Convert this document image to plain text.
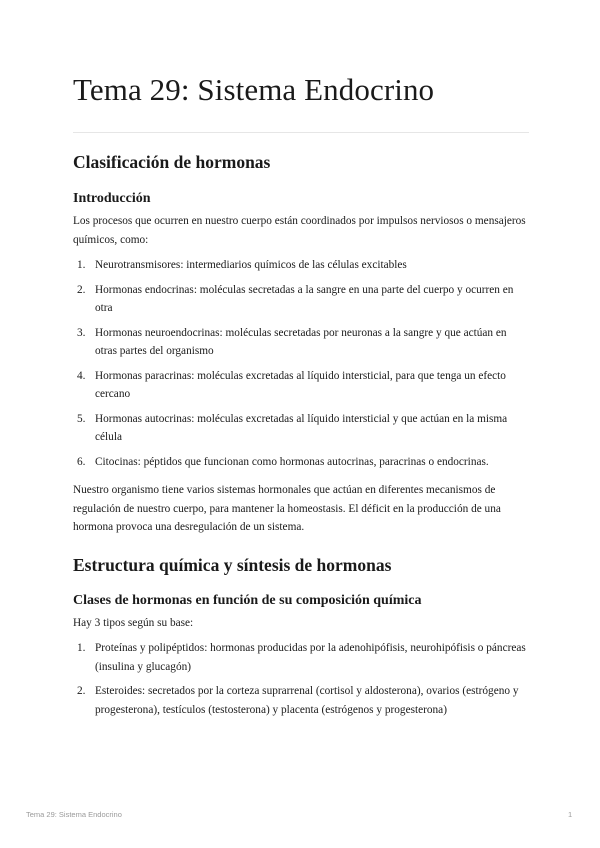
Tema 29: Sistema Endocrino
Clasificación de hormonas
Introducción

Los procesos que ocurren en nuestro cuerpo están coordinados por impulsos nerviosos o mensajeros químicos, como:

1. Neurotransmisores: intermediarios químicos de las células excitables
2. Hormonas endocrinas: moléculas secretadas a la sangre en una parte del cuerpo y ocurren en otra
3. Hormonas neuroendocrinas: moléculas secretadas por neuronas a la sangre y que actúan en otras partes del organismo
4. Hormonas paracrinas: moléculas excretadas al líquido intersticial, para que tenga un efecto cercano
5. Hormonas autocrinas: moléculas excretadas al líquido intersticial y que actúan en la misma célula
6. Citocinas: péptidos que funcionan como hormonas autocrinas, paracrinas o endocrinas.

Nuestro organismo tiene varios sistemas hormonales que actúan en diferentes mecanismos de regulación de nuestro cuerpo, para mantener la homeostasis. El déficit en la producción de una hormona provoca una desregulación de un sistema.

Estructura química y síntesis de hormonas
Clases de hormonas en función de su composición química

Hay 3 tipos según su base:

1. Proteínas y polipéptidos: hormonas producidas por la adenohipófisis, neurohipófisis o páncreas (insulina y glucagón)
2. Esteroides: secretados por la corteza suprarrenal (cortisol y aldosterona), ovarios (estrógeno y progesterona), testículos (testosterona) y placenta (estrógenos y progesterona)
Tema 29: Sistema Endocrino	1
